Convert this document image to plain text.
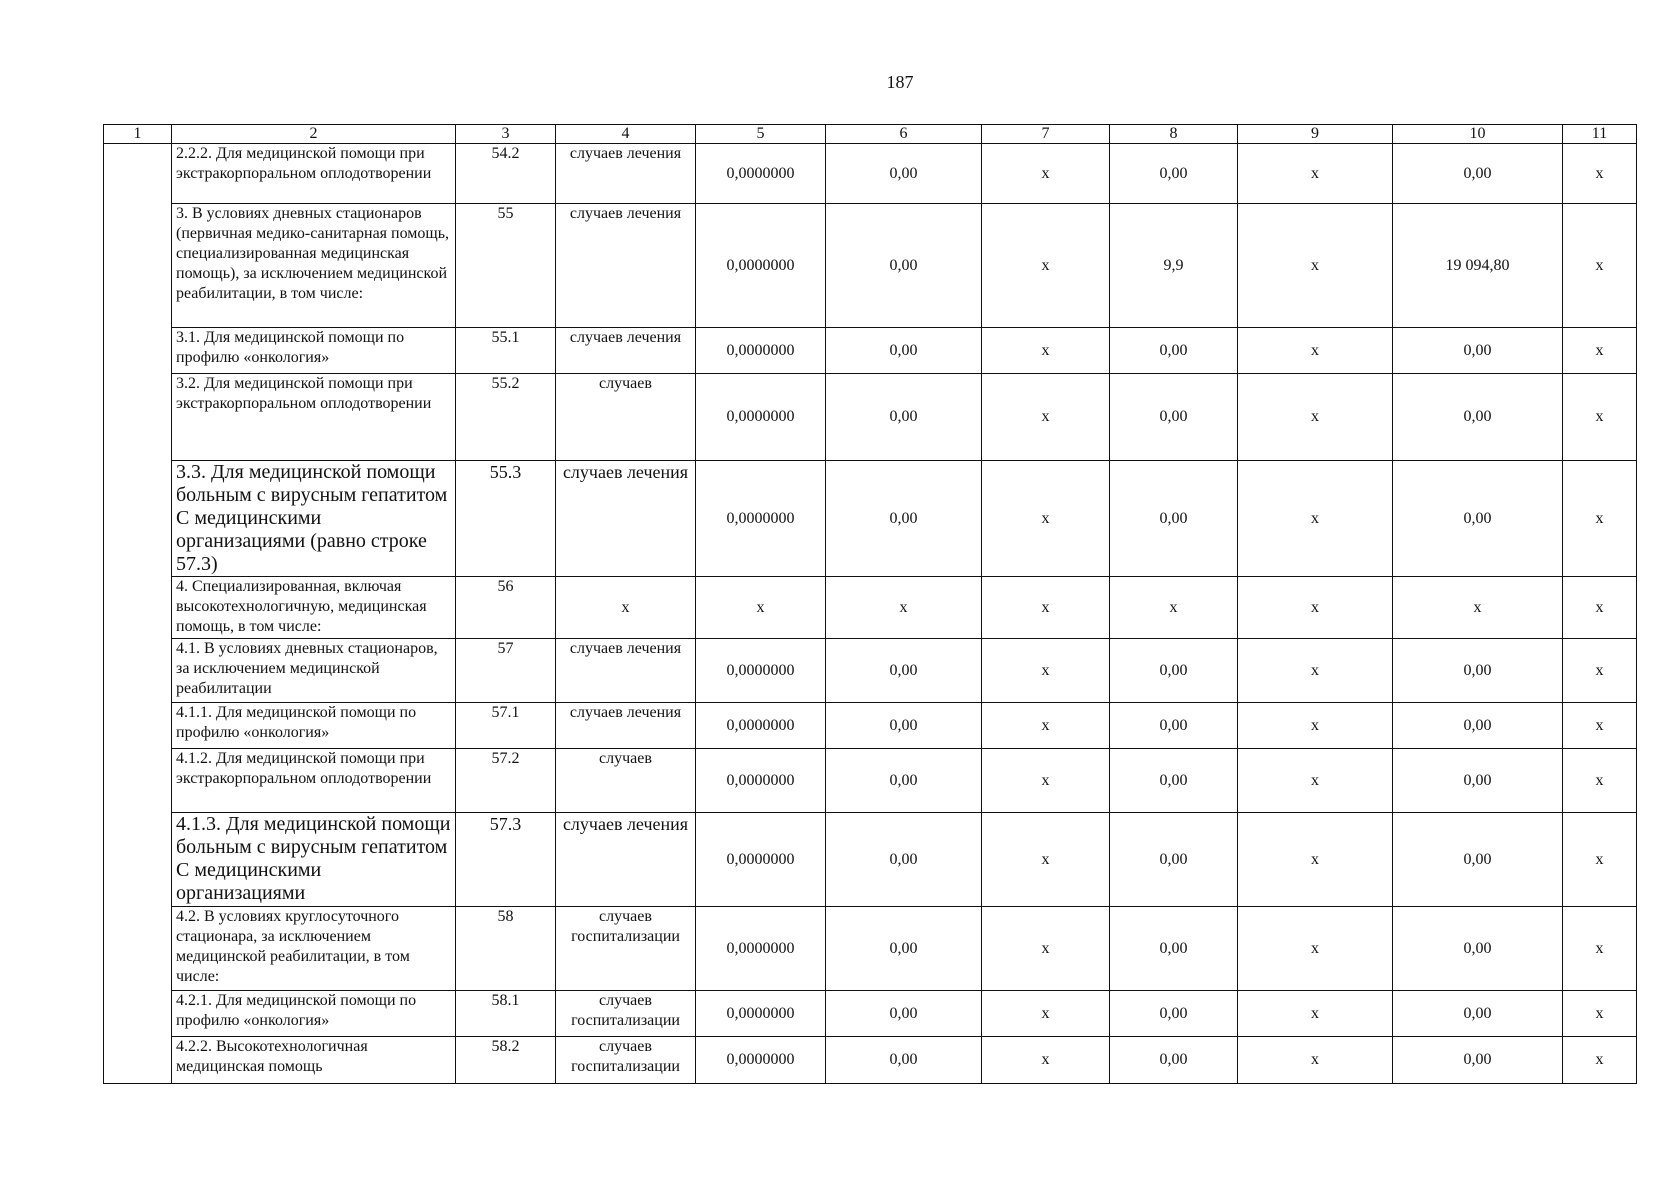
187
1	2	3	4	5	6	7	8	9	10	11
	2.2.2. Для медицинской помощи при экстракорпоральном оплодотворении	54.2	случаев лечения	0,0000000	0,00	x	0,00	x	0,00	x
	3. В условиях дневных стационаров (первичная медико-санитарная помощь, специализированная медицинская помощь), за исключением медицинской реабилитации, в том числе:	55	случаев лечения	0,0000000	0,00	x	9,9	x	19 094,80	x
	3.1. Для медицинской помощи по профилю «онкология»	55.1	случаев лечения	0,0000000	0,00	x	0,00	x	0,00	x
	3.2. Для медицинской помощи при экстракорпоральном оплодотворении	55.2	случаев	0,0000000	0,00	x	0,00	x	0,00	x
	3.3. Для медицинской помощи больным с вирусным гепатитом С медицинскими организациями (равно строке 57.3)	55.3	случаев лечения	0,0000000	0,00	x	0,00	x	0,00	x
	4. Специализированная, включая высокотехнологичную, медицинская помощь, в том числе:	56	x	x	x	x	x	x	x	x
	4.1. В условиях дневных стационаров, за исключением медицинской реабилитации	57	случаев лечения	0,0000000	0,00	x	0,00	x	0,00	x
	4.1.1. Для медицинской помощи по профилю «онкология»	57.1	случаев лечения	0,0000000	0,00	x	0,00	x	0,00	x
	4.1.2. Для медицинской помощи при экстракорпоральном оплодотворении	57.2	случаев	0,0000000	0,00	x	0,00	x	0,00	x
	4.1.3. Для медицинской помощи больным с вирусным гепатитом С медицинскими организациями	57.3	случаев лечения	0,0000000	0,00	x	0,00	x	0,00	x
	4.2. В условиях круглосуточного стационара, за исключением медицинской реабилитации, в том числе:	58	случаев госпитализации	0,0000000	0,00	x	0,00	x	0,00	x
	4.2.1. Для медицинской помощи по профилю «онкология»	58.1	случаев госпитализации	0,0000000	0,00	x	0,00	x	0,00	x
	4.2.2. Высокотехнологичная медицинская помощь	58.2	случаев госпитализации	0,0000000	0,00	x	0,00	x	0,00	x
